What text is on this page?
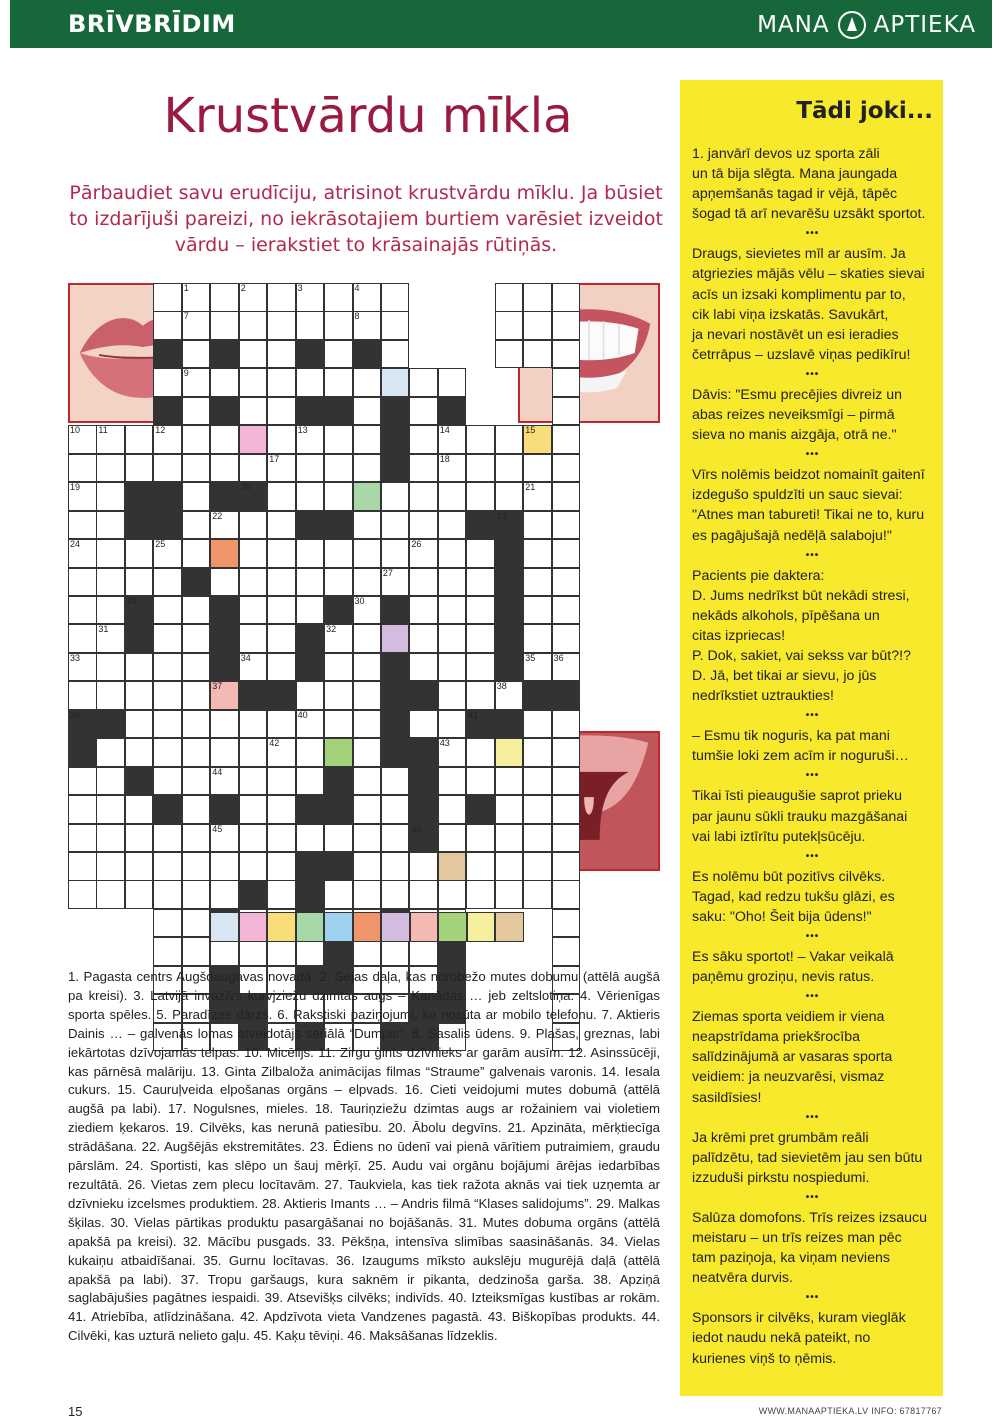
BRĪVBRĪDIM	MANA APTIEKA
Krustvārdu mīkla
Pārbaudiet savu erudīciju, atrisinot krustvārdu mīklu. Ja būsiet to izdarījuši pareizi, no iekrāsotajiem burtiem varēsiet izveidot vārdu – ierakstiet to krāsainajās rūtiņās.
1	2	3	4
7	8
9
10 11	12	13	14	15
17	18
19	20	21
22	23
24	25	26
27
29	30
31	32
33	34	35 36
37	38
39	40	41
42	43
44
45	46
1. Pagasta centrs Augšdaugavas novadā. 2. Sejas daļa, kas norobežo mutes dobumu (attēlā augšā pa kreisi). 3. Latvijā invazīvs kurvjziežu dzimtas augs – Kanādas … jeb zeltslotiņa. 4. Vērienīgas sporta spēles. 5. Paradīzes dārzs. 6. Rakstiski paziņojumi, ko nosūta ar mobilo telefonu. 7. Aktieris Dainis … – galvenās lomas atveidotājs seriālā “Dumpis”. 8. Sasalis ūdens. 9. Plašas, greznas, labi iekārtotas dzīvojamās telpas. 10. Micēlijs. 11. Zirgu ģints dzīvnieks ar garām ausīm. 12. Asinssūcēji, kas pārnēsā malāriju. 13. Ginta Zilbaloža animācijas filmas “Straume” galvenais varonis. 14. Iesala cukurs. 15. Cauruļveida elpošanas orgāns – elpvads. 16. Cieti veidojumi mutes dobumā (attēlā augšā pa labi). 17. Nogulsnes, mieles. 18. Tauriņziežu dzimtas augs ar rožainiem vai violetiem ziediem ķekaros. 19. Cilvēks, kas nerunā patiesību. 20. Ābolu degvīns. 21. Apzināta, mērķtiecīga strādāšana. 22. Augšējās ekstremitātes. 23. Ēdiens no ūdenī vai pienā vārītiem putraimiem, graudu pārslām. 24. Sportisti, kas slēpo un šauj mērķī. 25. Audu vai orgānu bojājumi ārējas iedarbības rezultātā. 26. Vietas zem plecu locītavām. 27. Taukviela, kas tiek ražota aknās vai tiek uzņemta ar dzīvnieku izcelsmes produktiem. 28. Aktieris Imants … – Andris filmā “Klases salidojums”. 29. Malkas šķilas. 30. Vielas pārtikas produktu pasargāšanai no bojāšanās. 31. Mutes dobuma orgāns (attēlā apakšā pa kreisi). 32. Mācību pusgads. 33. Pēkšņa, intensīva slimības saasināšanās. 34. Vielas kukaiņu atbaidīšanai. 35. Gurnu locītavas. 36. Izaugums mīksto aukslēju mugurējā daļā (attēlā apakšā pa labi). 37. Tropu garšaugs, kura saknēm ir pikanta, dedzinoša garša. 38. Apziņā saglabājušies pagātnes iespaidi. 39. Atsevišķs cilvēks; indivīds. 40. Izteiksmīgas kustības ar rokām. 41. Atriebība, atlīdzināšana. 42. Apdzīvota vieta Vandzenes pagastā. 43. Biškopības produkts. 44. Cilvēki, kas uzturā nelieto gaļu. 45. Kaķu tēviņi. 46. Maksāšanas līdzeklis.
Tādi joki...
1. janvārī devos uz sporta zāli
un tā bija slēgta. Mana jaungada
apņemšanās tagad ir vējā, tāpēc
šogad tā arī nevarēšu uzsākt sportot.
•••
Draugs, sievietes mīl ar ausīm. Ja
atgriezies mājās vēlu – skaties sievai
acīs un izsaki komplimentu par to,
cik labi viņa izskatās. Savukārt,
ja nevari nostāvēt un esi ieradies
četrrāpus – uzslavē viņas pedikīru!
•••
Dāvis: "Esmu precējies divreiz un
abas reizes neveiksmīgi – pirmā
sieva no manis aizgāja, otrā ne."
•••
Vīrs nolēmis beidzot nomainīt gaitenī
izdegušo spuldzīti un sauc sievai:
"Atnes man tabureti! Tikai ne to, kuru
es pagājušajā nedēļā salaboju!"
•••
Pacients pie daktera:
D. Jums nedrīkst būt nekādi stresi,
nekāds alkohols, pīpēšana un
citas izpriecas!
P. Dok, sakiet, vai sekss var būt?!?
D. Jā, bet tikai ar sievu, jo jūs
nedrīkstiet uztraukties!
•••
– Esmu tik noguris, ka pat mani
tumšie loki zem acīm ir noguruši…
•••
Tikai īsti pieaugušie saprot prieku
par jaunu sūkli trauku mazgāšanai
vai labi iztīrītu putekļsūcēju.
•••
Es nolēmu būt pozitīvs cilvēks.
Tagad, kad redzu tukšu glāzi, es
saku: "Oho! Šeit bija ūdens!"
•••
Es sāku sportot! – Vakar veikalā
paņēmu groziņu, nevis ratus.
•••
Ziemas sporta veidiem ir viena
neapstrīdama priekšrocība
salīdzinājumā ar vasaras sporta
veidiem: ja neuzvarēsi, vismaz
sasildīsies!
•••
Ja krēmi pret grumbām reāli
palīdzētu, tad sievietēm jau sen būtu
izzuduši pirkstu nospiedumi.
•••
Salūza domofons. Trīs reizes izsaucu
meistaru – un trīs reizes man pēc
tam paziņoja, ka viņam neviens
neatvēra durvis.
•••
Sponsors ir cilvēks, kuram vieglāk
iedot naudu nekā pateikt, no
kurienes viņš to ņēmis.
15	WWW.MANAAPTIEKA.LV INFO: 67817767
